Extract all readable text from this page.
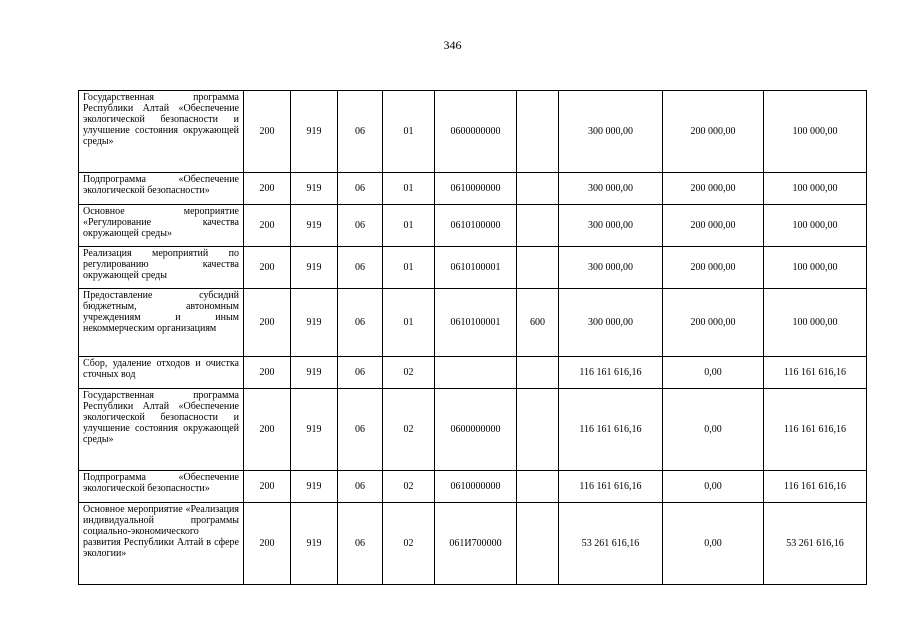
346
Государственная программа Республики Алтай «Обеспечение экологической безопасности и улучшение состояния окружающей среды»	200	919	06	01	0600000000		300 000,00	200 000,00	100 000,00
Подпрограмма «Обеспечение экологической безопасности»	200	919	06	01	0610000000		300 000,00	200 000,00	100 000,00
Основное мероприятие «Регулирование качества окружающей среды»	200	919	06	01	0610100000		300 000,00	200 000,00	100 000,00
Реализация мероприятий по регулированию качества окружающей среды	200	919	06	01	0610100001		300 000,00	200 000,00	100 000,00
Предоставление субсидий бюджетным, автономным учреждениям и иным некоммерческим организациям	200	919	06	01	0610100001	600	300 000,00	200 000,00	100 000,00
Сбор, удаление отходов и очистка сточных вод	200	919	06	02			116 161 616,16	0,00	116 161 616,16
Государственная программа Республики Алтай «Обеспечение экологической безопасности и улучшение состояния окружающей среды»	200	919	06	02	0600000000		116 161 616,16	0,00	116 161 616,16
Подпрограмма «Обеспечение экологической безопасности»	200	919	06	02	0610000000		116 161 616,16	0,00	116 161 616,16
Основное мероприятие «Реализация индивидуальной программы социально-экономического развития Республики Алтай в сфере экологии»	200	919	06	02	061И700000		53 261 616,16	0,00	53 261 616,16
